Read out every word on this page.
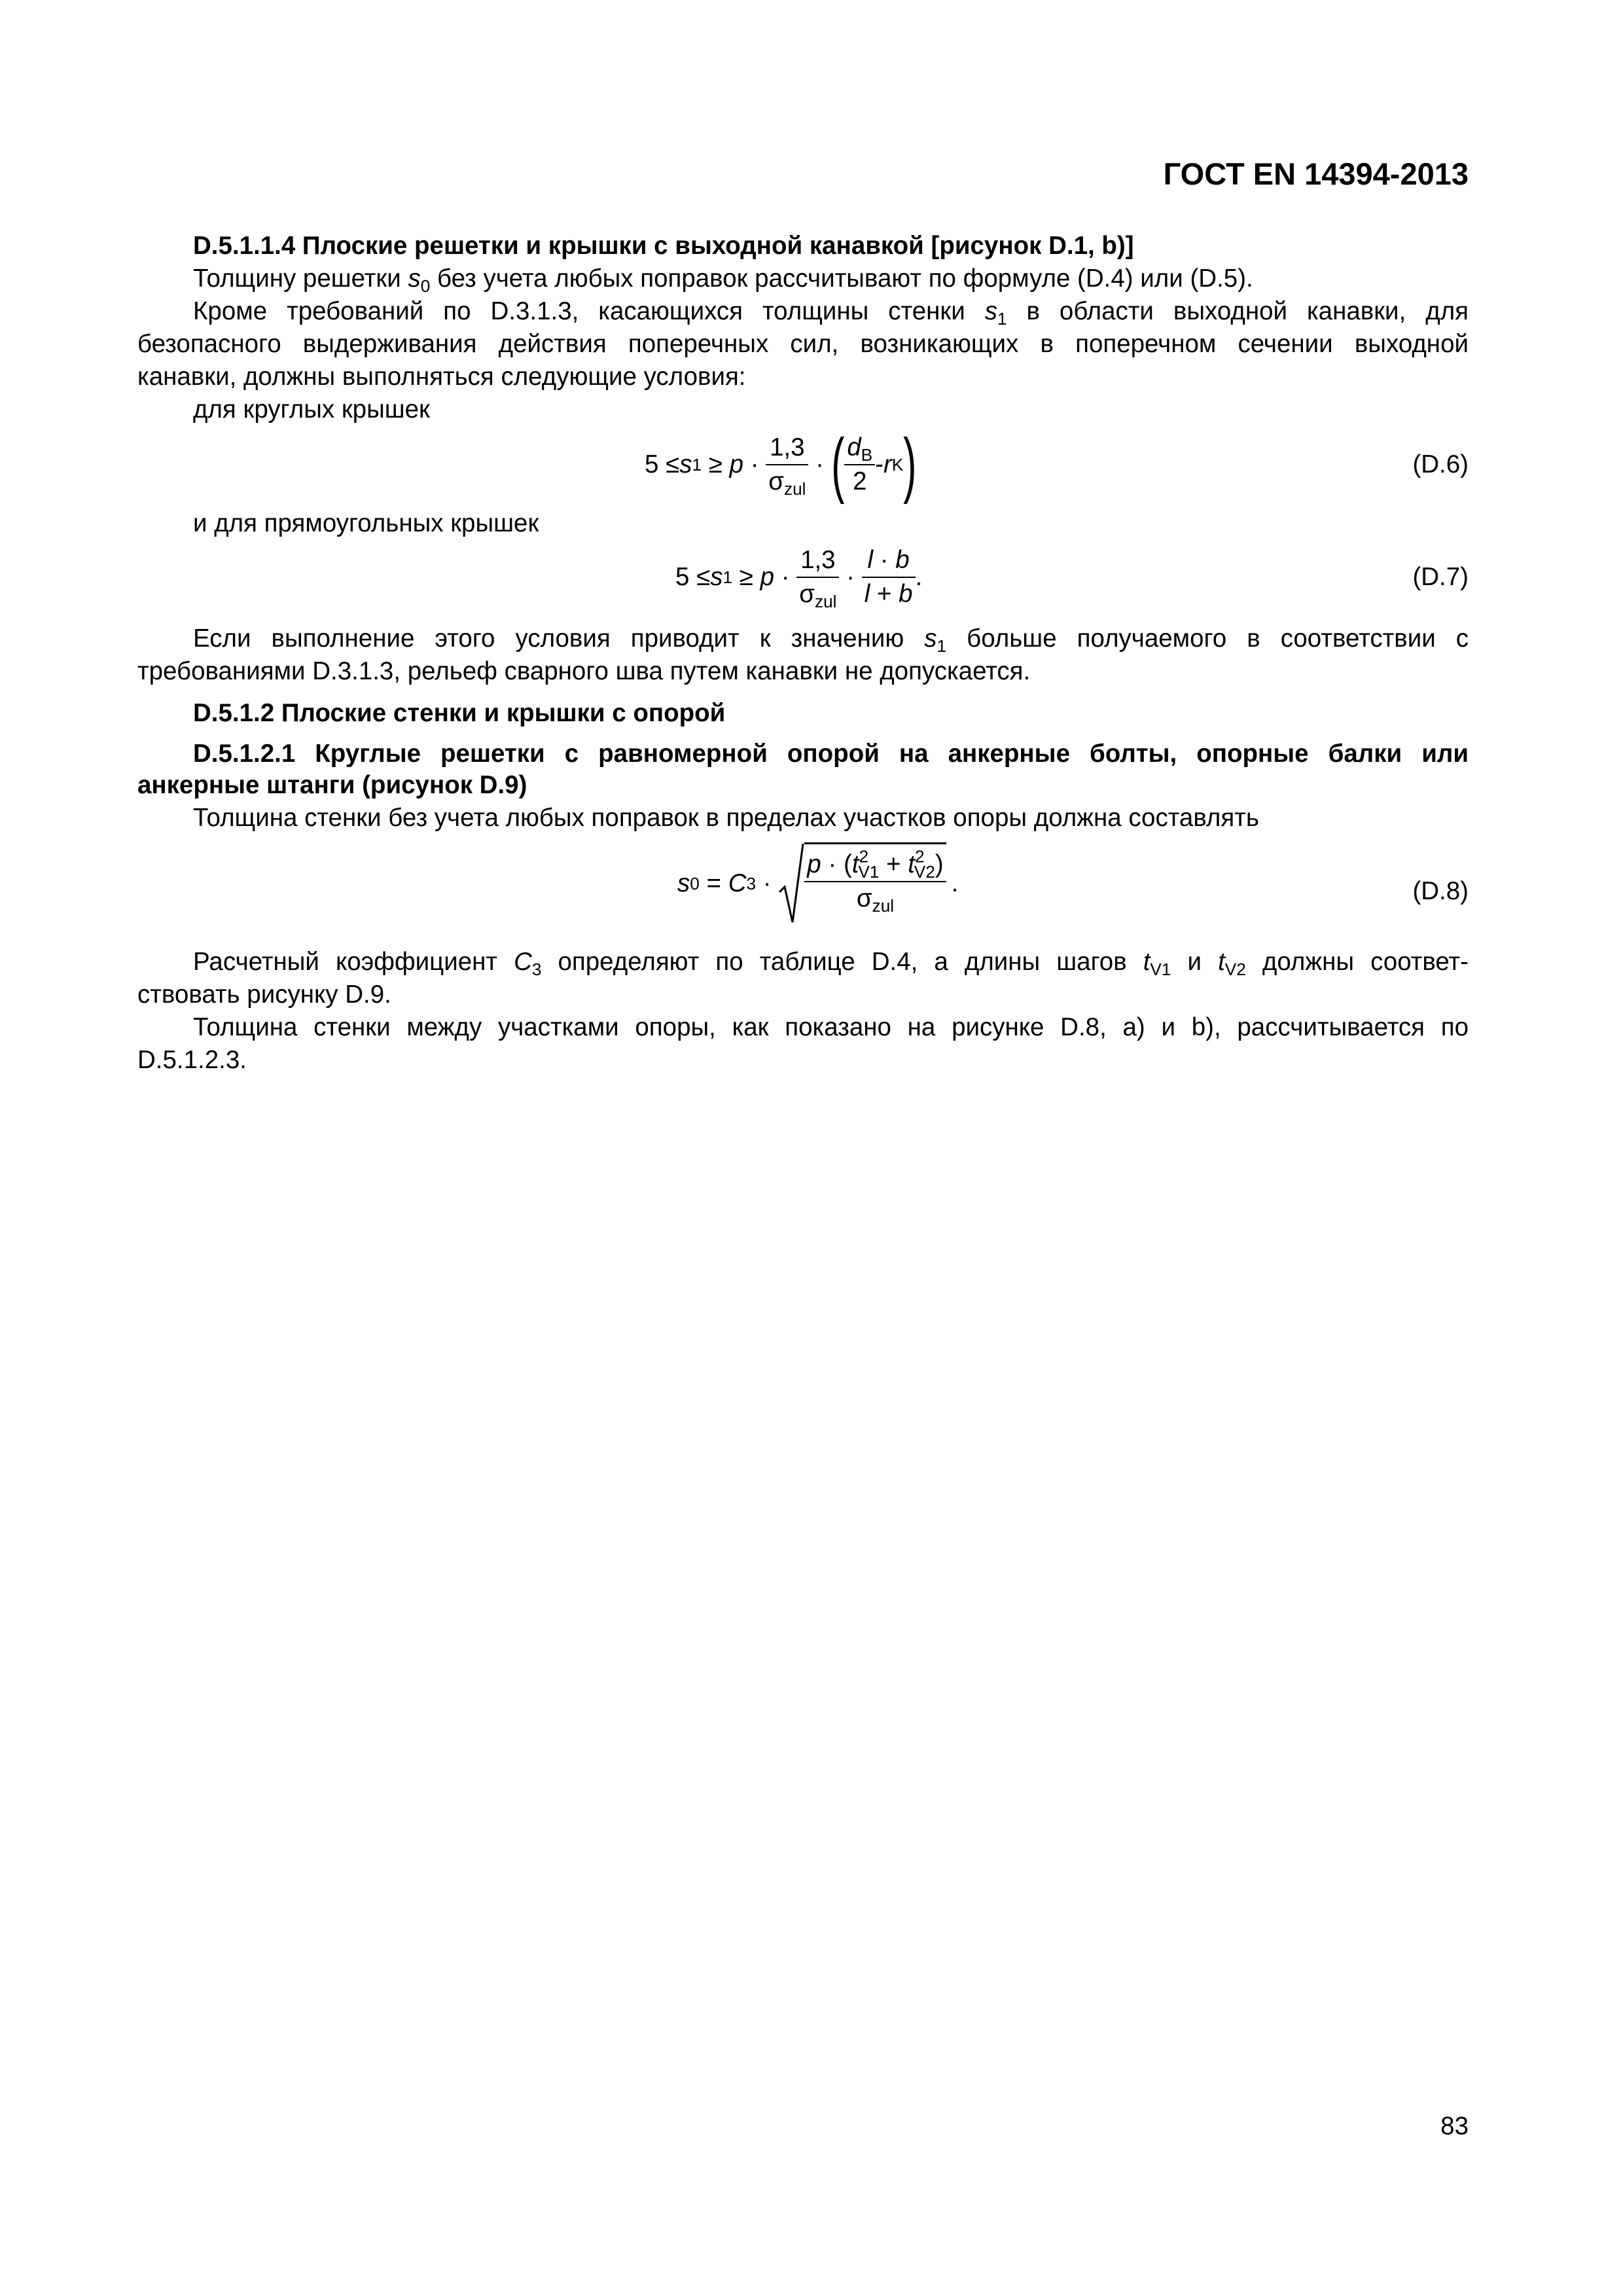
ГОСТ EN 14394-2013
D.5.1.1.4 Плоские решетки и крышки с выходной канавкой [рисунок D.1, b)]
Толщину решетки $s_0$ без учета любых поправок рассчитывают по формуле (D.4) или (D.5).
Кроме требований по D.3.1.3, касающихся толщины стенки $s_1$ в области выходной канавки, для
безопасного выдерживания действия поперечных сил, возникающих в поперечном сечении выходной
канавки, должны выполняться следующие условия:
для круглых крышек
5 ≤ s $1 \ge p \cdot \frac{1,3}{\sigma_{zul}}$ · ( $\frac{d_B}{2}$ - r K )	(D.6)
и для прямоугольных крышек
5 ≤ s $1 \ge p \cdot \frac{1,3}{\sigma_{zul}} \cdot \frac{l \cdot b}{l + b}$ .	(D.7)
Если выполнение этого условия приводит к значению $s_1$ больше получаемого в соответствии с
требованиями D.3.1.3, рельеф сварного шва путем канавки не допускается.
D.5.1.2 Плоские стенки и крышки с опорой
D.5.1.2.1 Круглые решетки с равномерной опорой на анкерные болты, опорные балки или
анкерные штанги (рисунок D.9)
Толщина стенки без учета любых поправок в пределах участков опоры должна составлять
s 0 = C $3 \cdot \frac{p \cdot (t^2_{V1} + t^2_{V2})}{\sigma_{zul}}$ .	(D.8)
Расчетный коэффициент $C_3$ определяют по таблице D.4, а длины шагов $t_{V1}$ и $t_{V2}$ должны соответ-
ствовать рисунку D.9.
Толщина стенки между участками опоры, как показано на рисунке D.8, a) и b), рассчитывается по
D.5.1.2.3.
83
